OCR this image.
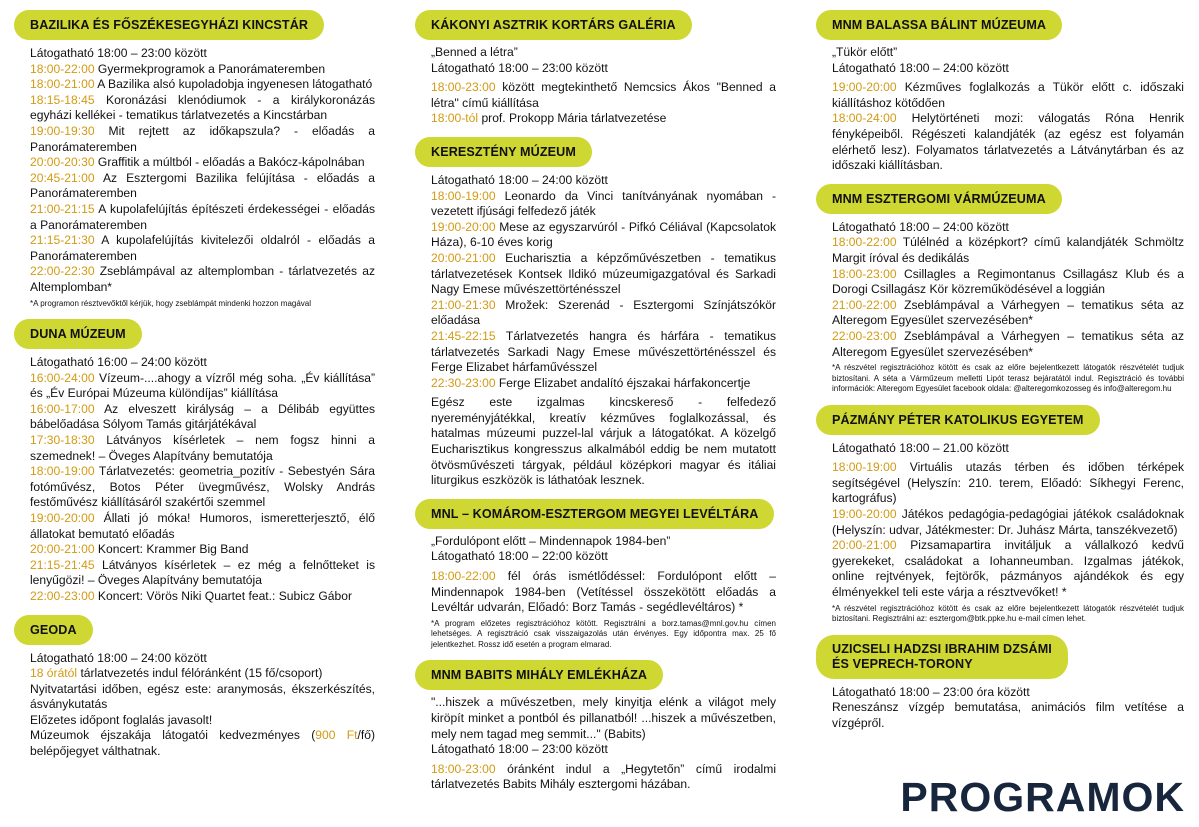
BAZILIKA ÉS FŐSZÉKESEGYHÁZI KINCSTÁR
Látogatható 18:00 – 23:00 között
18:00-22:00 Gyermekprogramok a Panorámateremben
18:00-21:00 A Bazilika alsó kupoladobja ingyenesen látogatható
18:15-18:45 Koronázási klenódiumok - a királykoronázás egyházi kellékei - tematikus tárlatvezetés a Kincstárban
19:00-19:30 Mit rejtett az időkapszula? - előadás a Panorámateremben
20:00-20:30 Graffitik a múltból - előadás a Bakócz-kápolnában
20:45-21:00 Az Esztergomi Bazilika felújítása - előadás a Panorámateremben
21:00-21:15 A kupolafelújítás építészeti érdekességei - előadás a Panorámateremben
21:15-21:30 A kupolafelújítás kivitelezői oldalról - előadás a Panorámateremben
22:00-22:30 Zseblámpával az altemplomban - tárlatvezetés az Altemplomban*
*A programon résztvevőktől kérjük, hogy zseblámpát mindenki hozzon magával
DUNA MÚZEUM
Látogatható 16:00 – 24:00 között
16:00-24:00 Vízeum-....ahogy a vízről még soha. „Év kiállítása” és „Év Európai Múzeuma különdíjas” kiállítása
16:00-17:00 Az elveszett királyság – a Délibáb együttes bábelőadása Sólyom Tamás gitárjátékával
17:30-18:30 Látványos kísérletek – nem fogsz hinni a szemednek! – Öveges Alapítvány bemutatója
18:00-19:00 Tárlatvezetés: geometria_pozitív - Sebestyén Sára fotóművész, Botos Péter üvegművész, Wolsky András festőművész kiállításáról szakértői szemmel
19:00-20:00 Állati jó móka! Humoros, ismeretterjesztő, élő állatokat bemutató előadás
20:00-21:00 Koncert: Krammer Big Band
21:15-21:45 Látványos kísérletek – ez még a felnőtteket is lenyűgözi! – Öveges Alapítvány bemutatója
22:00-23:00 Koncert: Vörös Niki Quartet feat.: Subicz Gábor
GEODA
Látogatható 18:00 – 24:00 között
18 órától tárlatvezetés indul félóránként (15 fő/csoport)
Nyitvatartási időben, egész este: aranymosás, ékszerkészítés, ásványkutatás
Előzetes időpont foglalás javasolt!
Múzeumok éjszakája látogatói kedvezményes (900 Ft/fő) belépőjegyet válthatnak.
KÁKONYI ASZTRIK KORTÁRS GALÉRIA
„Benned a létra”
Látogatható 18:00 – 23:00 között
18:00-23:00 között megtekinthető Nemcsics Ákos "Benned a létra" című kiállítása
18:00-tól prof. Prokopp Mária tárlatvezetése
KERESZTÉNY MÚZEUM
Látogatható 18:00 – 24:00 között
18:00-19:00 Leonardo da Vinci tanítványának nyomában - vezetett ifjúsági felfedező játék
19:00-20:00 Mese az egyszarvúról - Pifkó Céliával (Kapcsolatok Háza), 6-10 éves korig
20:00-21:00 Eucharisztia a képzőművészetben - tematikus tárlatvezetések Kontsek Ildikó múzeumigazgatóval és Sarkadi Nagy Emese művészettörténésszel
21:00-21:30 Mrožek: Szerenád - Esztergomi Színjátszókör előadása
21:45-22:15 Tárlatvezetés hangra és hárfára - tematikus tárlatvezetés Sarkadi Nagy Emese művészettörténésszel és Ferge Elizabet hárfaművésszel
22:30-23:00 Ferge Elizabet andalító éjszakai hárfakoncertje
Egész este izgalmas kincskereső - felfedező nyereményjátékkal, kreatív kézműves foglalkozással, és hatalmas múzeumi puzzel-lal várjuk a látogatókat. A közelgő Eucharisztikus kongresszus alkalmából eddig be nem mutatott ötvösművészeti tárgyak, például középkori magyar és itáliai liturgikus eszközök is láthatóak lesznek.
MNL – KOMÁROM-ESZTERGOM MEGYEI LEVÉLTÁRA
„Fordulópont előtt – Mindennapok 1984-ben”
Látogatható 18:00 – 22:00 között
18:00-22:00 fél órás ismétlődéssel: Fordulópont előtt – Mindennapok 1984-ben (Vetítéssel összekötött előadás a Levéltár udvarán, Előadó: Borz Tamás - segédlevéltáros) *
*A program előzetes regisztrációhoz kötött. Regisztrálni a borz.tamas@mnl.gov.hu címen lehetséges. A regisztráció csak visszaigazolás után érvényes. Egy időpontra max. 25 fő jelentkezhet. Rossz idő esetén a program elmarad.
MNM BABITS MIHÁLY EMLÉKHÁZA
"...hiszek a művészetben, mely kinyitja elénk a világot mely kiröpít minket a pontból és pillanatból! ...hiszek a művészetben, mely nem tagad meg semmit..." (Babits)
Látogatható 18:00 – 23:00 között
18:00-23:00 óránként indul a „Hegytetőn” című irodalmi tárlatvezetés Babits Mihály esztergomi házában.
MNM BALASSA BÁLINT MÚZEUMA
„Tükör előtt”
Látogatható 18:00 – 24:00 között
19:00-20:00 Kézműves foglalkozás a Tükör előtt c. időszaki kiállításhoz kötődően
18:00-24:00 Helytörténeti mozi: válogatás Róna Henrik fényképeiből. Régészeti kalandjáték (az egész est folyamán elérhető lesz). Folyamatos tárlatvezetés a Látványtárban és az időszaki kiállításban.
MNM ESZTERGOMI VÁRMÚZEUMA
Látogatható 18:00 – 24:00 között
18:00-22:00 Túlélnéd a középkort? című kalandjáték Schmöltz Margit íróval és dedikálás
18:00-23:00 Csillagles a Regimontanus Csillagász Klub és a Dorogi Csillagász Kör közreműködésével a loggián
21:00-22:00 Zseblámpával a Várhegyen – tematikus séta az Alteregom Egyesület szervezésében*
22:00-23:00 Zseblámpával a Várhegyen – tematikus séta az Alteregom Egyesület szervezésében*
*A részvétel regisztrációhoz kötött és csak az előre bejelentkezett látogatók részvételét tudjuk biztosítani. A séta a Várműzeum melletti Lipót terasz bejáratától indul. Regisztráció és további információk: Alteregom Egyesület facebook oldala: @alteregomkozosseg és info@alteregom.hu
PÁZMÁNY PÉTER KATOLIKUS EGYETEM
Látogatható 18:00 – 21.00 között
18:00-19:00 Virtuális utazás térben és időben térképek segítségével (Helyszín: 210. terem, Előadó: Síkhegyi Ferenc, kartográfus)
19:00-20:00 Játékos pedagógia-pedagógiai játékok családoknak (Helyszín: udvar, Játékmester: Dr. Juhász Márta, tanszékvezető)
20:00-21:00 Pizsamapartira invitáljuk a vállalkozó kedvű gyerekeket, családokat a Iohanneumban. Izgalmas játékok, online rejtvények, fejtörők, pázmányos ajándékok és egy élményekkel teli este várja a résztvevőket! *
*A részvétel regisztrációhoz kötött és csak az előre bejelentkezett látogatók részvételét tudjuk biztosítani. Regisztrálni az: esztergom@btk.ppke.hu e-mail címen lehet.
UZICSELI HADZSI IBRAHIM DZSÁMI
ÉS VEPRECH-TORONY
Látogatható 18:00 – 23:00 óra között
Reneszánsz vízgép bemutatása, animációs film vetítése a vízgépről.
PROGRAMOK
